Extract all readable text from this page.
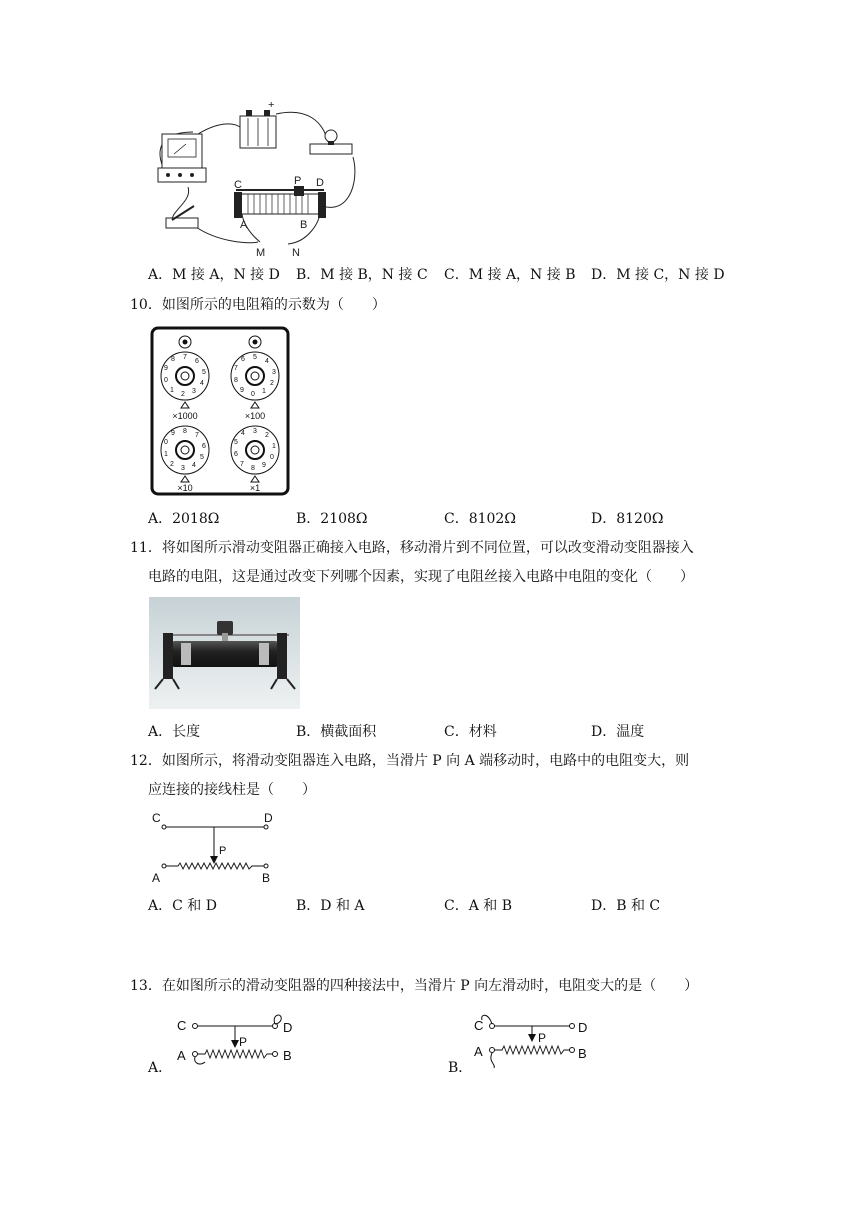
+
C	P D
A	B
M N
A．M 接 A，N 接 D B．M 接 B，N 接 C C．M 接 A，N 接 B D．M 接 C，N 接 D
10．如图所示的电阻箱的示数为（　　）
7
6
5
4
3
2
1
0
9
8	5
4
3
2
1
0
9
8
7
6
8
7
6
5
4
3
2
1
0
9	3
2
1
0
9
8
7
6
5
4
×1000	×100
×10	×1
A．2018Ω	B．2108Ω	C．8102Ω	D．8120Ω
11．将如图所示滑动变阻器正确接入电路，移动滑片到不同位置，可以改变滑动变阻器接入
电路的电阻，这是通过改变下列哪个因素，实现了电阻丝接入电路中电阻的变化（　　）
A．长度	B．横截面积	C．材料	D．温度
12．如图所示，将滑动变阻器连入电路，当滑片 P 向 A 端移动时，电路中的电阻变大，则
应连接的接线柱是（　　）
C	D
P
A	B
A．C 和 D	B．D 和 A	C．A 和 B	D．B 和 C
13．在如图所示的滑动变阻器的四种接法中，当滑片 P 向左滑动时，电阻变大的是（　　）
A．
C	D
P
A	B
B．
C	D
P
A	B
